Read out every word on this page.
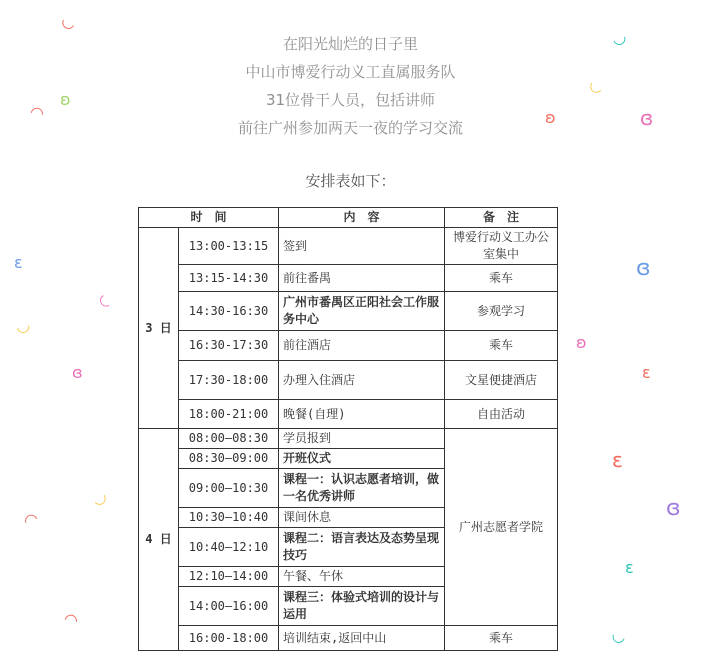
◡
◡
◡
◠
ʚ
ʚ	ɞ
ɛ
◡
◡
ɞ
ɞ
ʚ
ɛ
ɛ
◡
◠	ɞ
ɛ
◠
◡
在阳光灿烂的日子里
中山市博爱行动义工直属服务队
31位骨干人员，包括讲师
前往广州参加两天一夜的学习交流
安排表如下：
时　间		内　容	备　注
3 日	13:00-13:15	签到	博爱行动义工办公室集中
	13:15-14:30	前往番禺	乘车
	14:30-16:30	广州市番禺区正阳社会工作服务中心	参观学习
	16:30-17:30	前往酒店	乘车
	17:30-18:00	办理入住酒店	文星便捷酒店
	18:00-21:00	晚餐(自理)	自由活动
4 日	08:00—08:30	学员报到	广州志愿者学院
	08:30—09:00	开班仪式	
	09:00—10:30	课程一：认识志愿者培训，做一名优秀讲师	
	10:30—10:40	课间休息	
	10:40—12:10	课程二：语言表达及态势呈现技巧	
	12:10—14:00	午餐、午休	
	14:00—16:00	课程三：体验式培训的设计与运用	
	16:00-18:00	培训结束,返回中山	乘车
